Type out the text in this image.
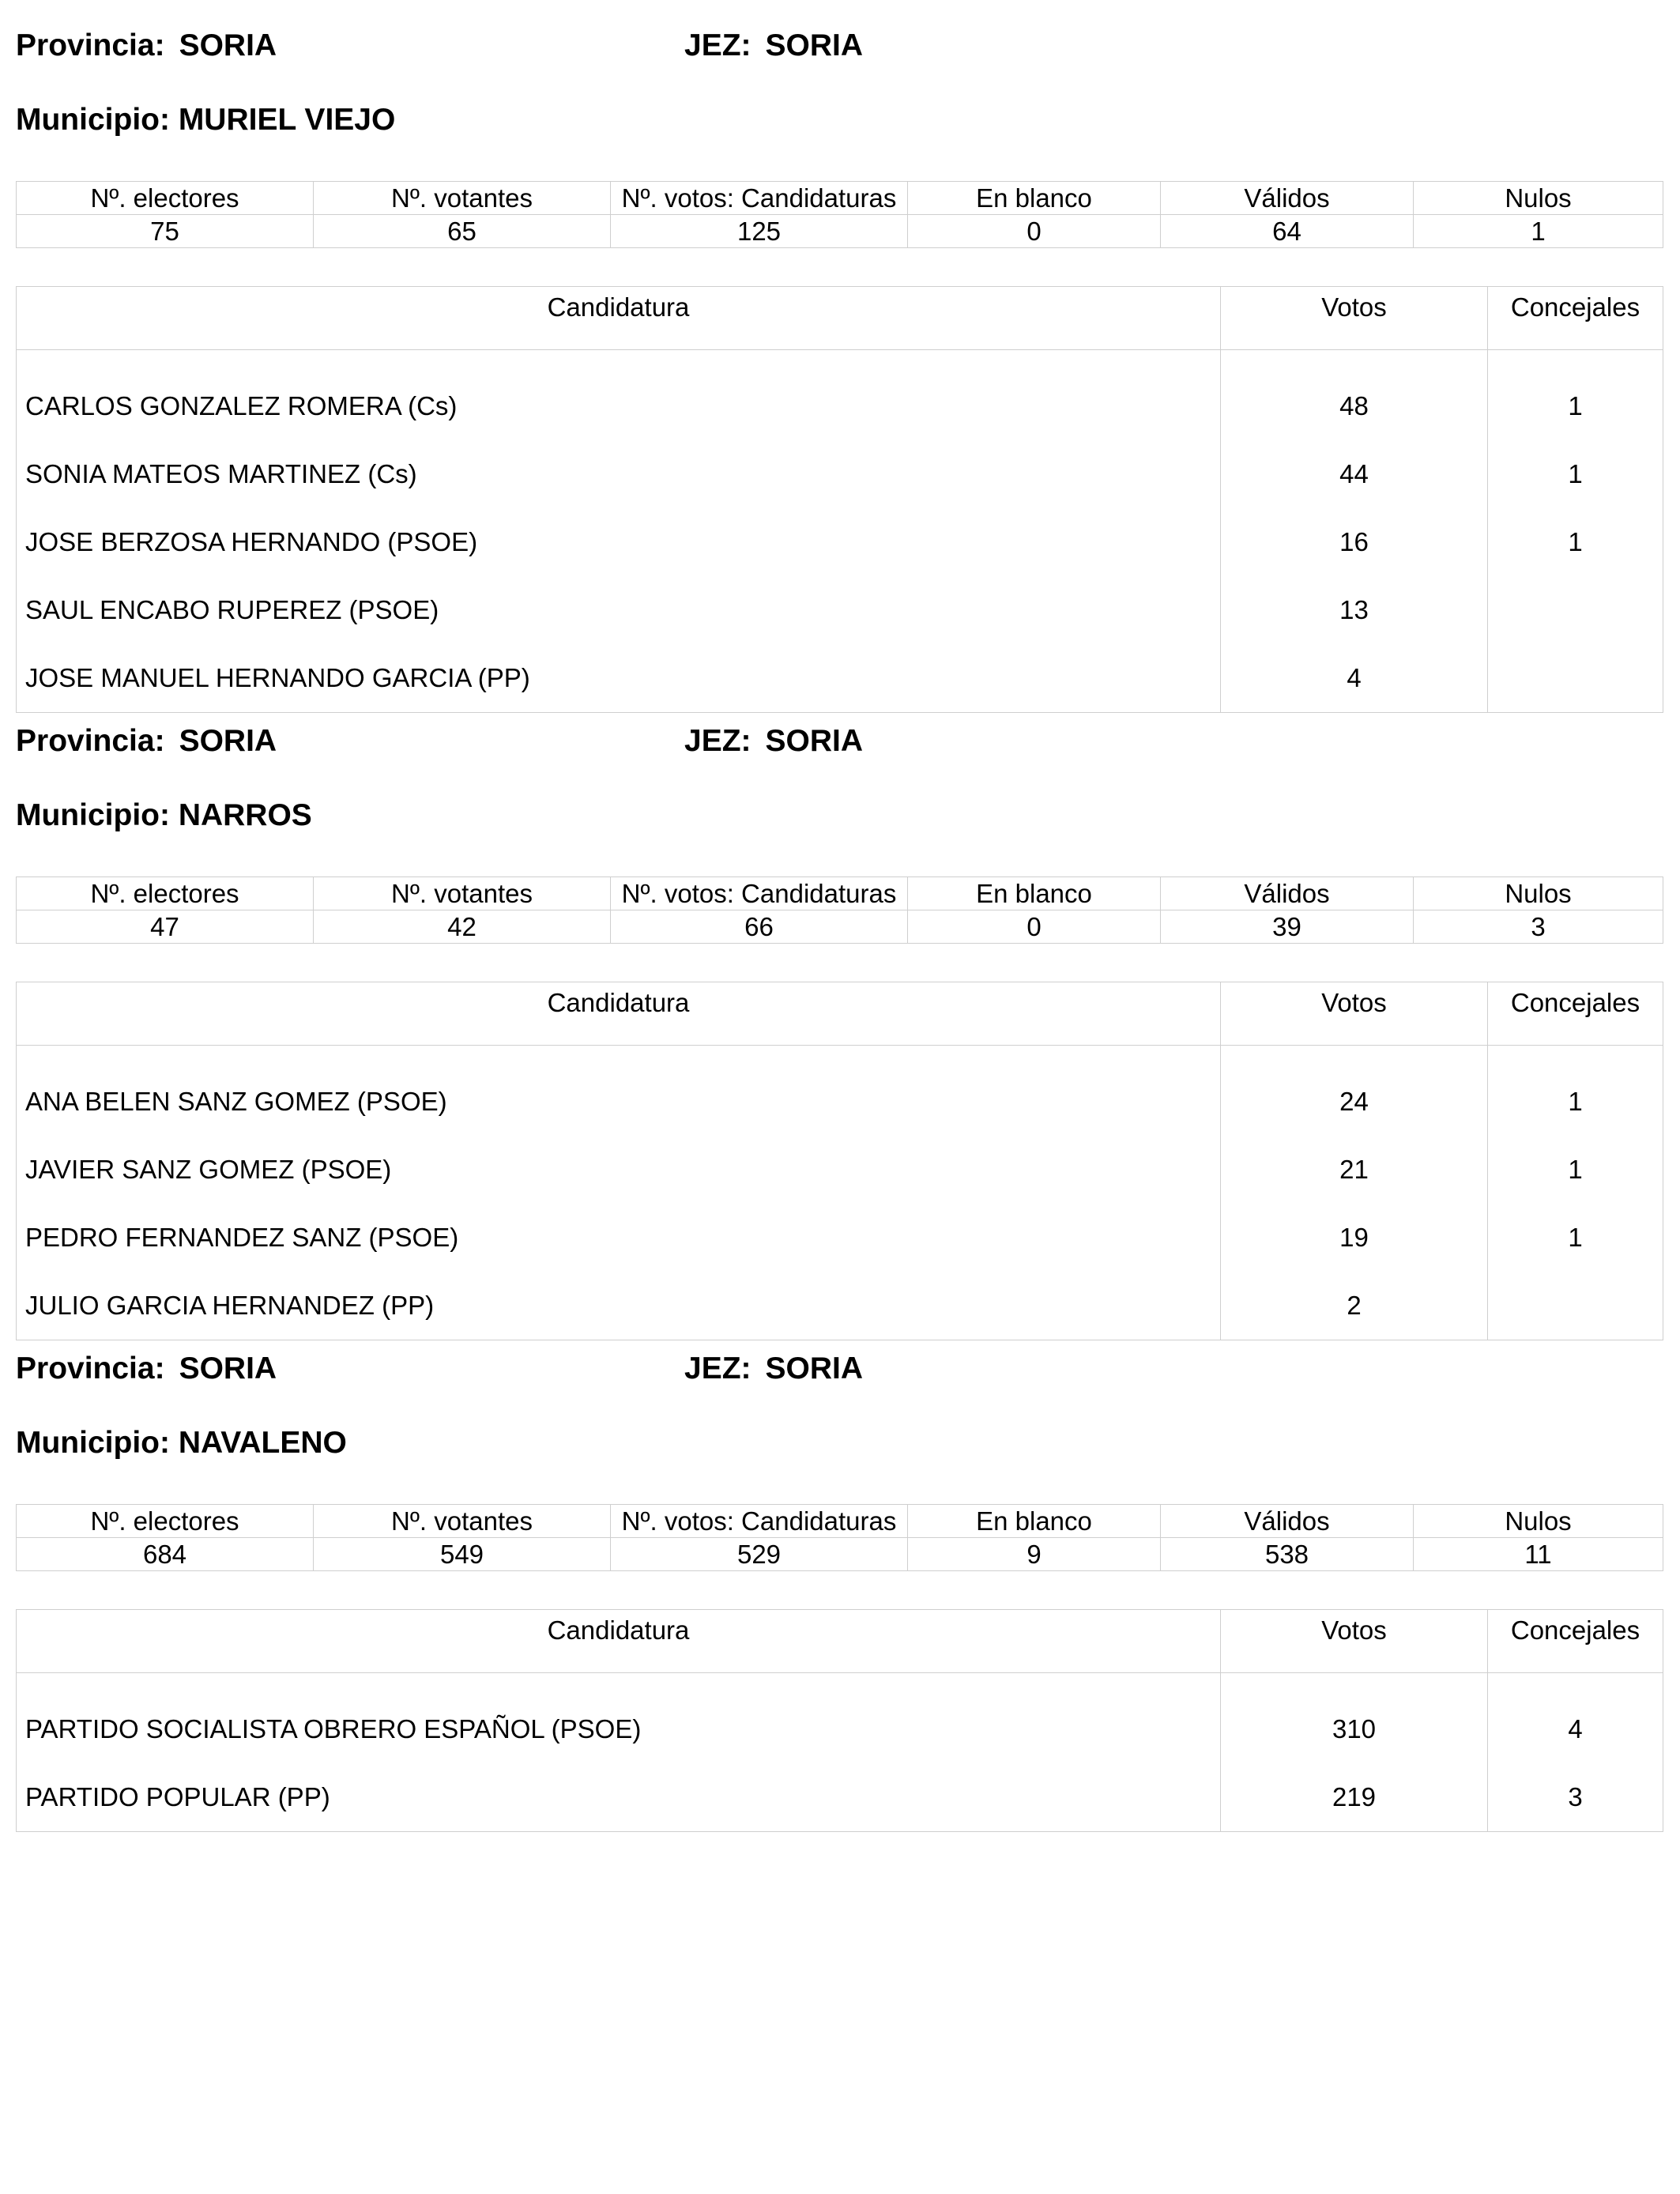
Provincia: SORIA	JEZ: SORIA
Municipio: MURIEL VIEJO
Nº. electores	Nº. votantes	Nº. votos: Candidaturas	En blanco	Válidos	Nulos
75	65	125	0	64	1
Candidatura	Votos	Concejales
CARLOS GONZALEZ ROMERA (Cs)	48	1
SONIA MATEOS MARTINEZ (Cs)	44	1
JOSE BERZOSA HERNANDO (PSOE)	16	1
SAUL ENCABO RUPEREZ (PSOE)	13	
JOSE MANUEL HERNANDO GARCIA (PP)	4	
Provincia: SORIA	JEZ: SORIA
Municipio: NARROS
Nº. electores	Nº. votantes	Nº. votos: Candidaturas	En blanco	Válidos	Nulos
47	42	66	0	39	3
Candidatura	Votos	Concejales
ANA BELEN SANZ GOMEZ (PSOE)	24	1
JAVIER SANZ GOMEZ (PSOE)	21	1
PEDRO FERNANDEZ SANZ (PSOE)	19	1
JULIO GARCIA HERNANDEZ (PP)	2	
Provincia: SORIA	JEZ: SORIA
Municipio: NAVALENO
Nº. electores	Nº. votantes	Nº. votos: Candidaturas	En blanco	Válidos	Nulos
684	549	529	9	538	11
Candidatura	Votos	Concejales
PARTIDO SOCIALISTA OBRERO ESPAÑOL (PSOE)	310	4
PARTIDO POPULAR (PP)	219	3
